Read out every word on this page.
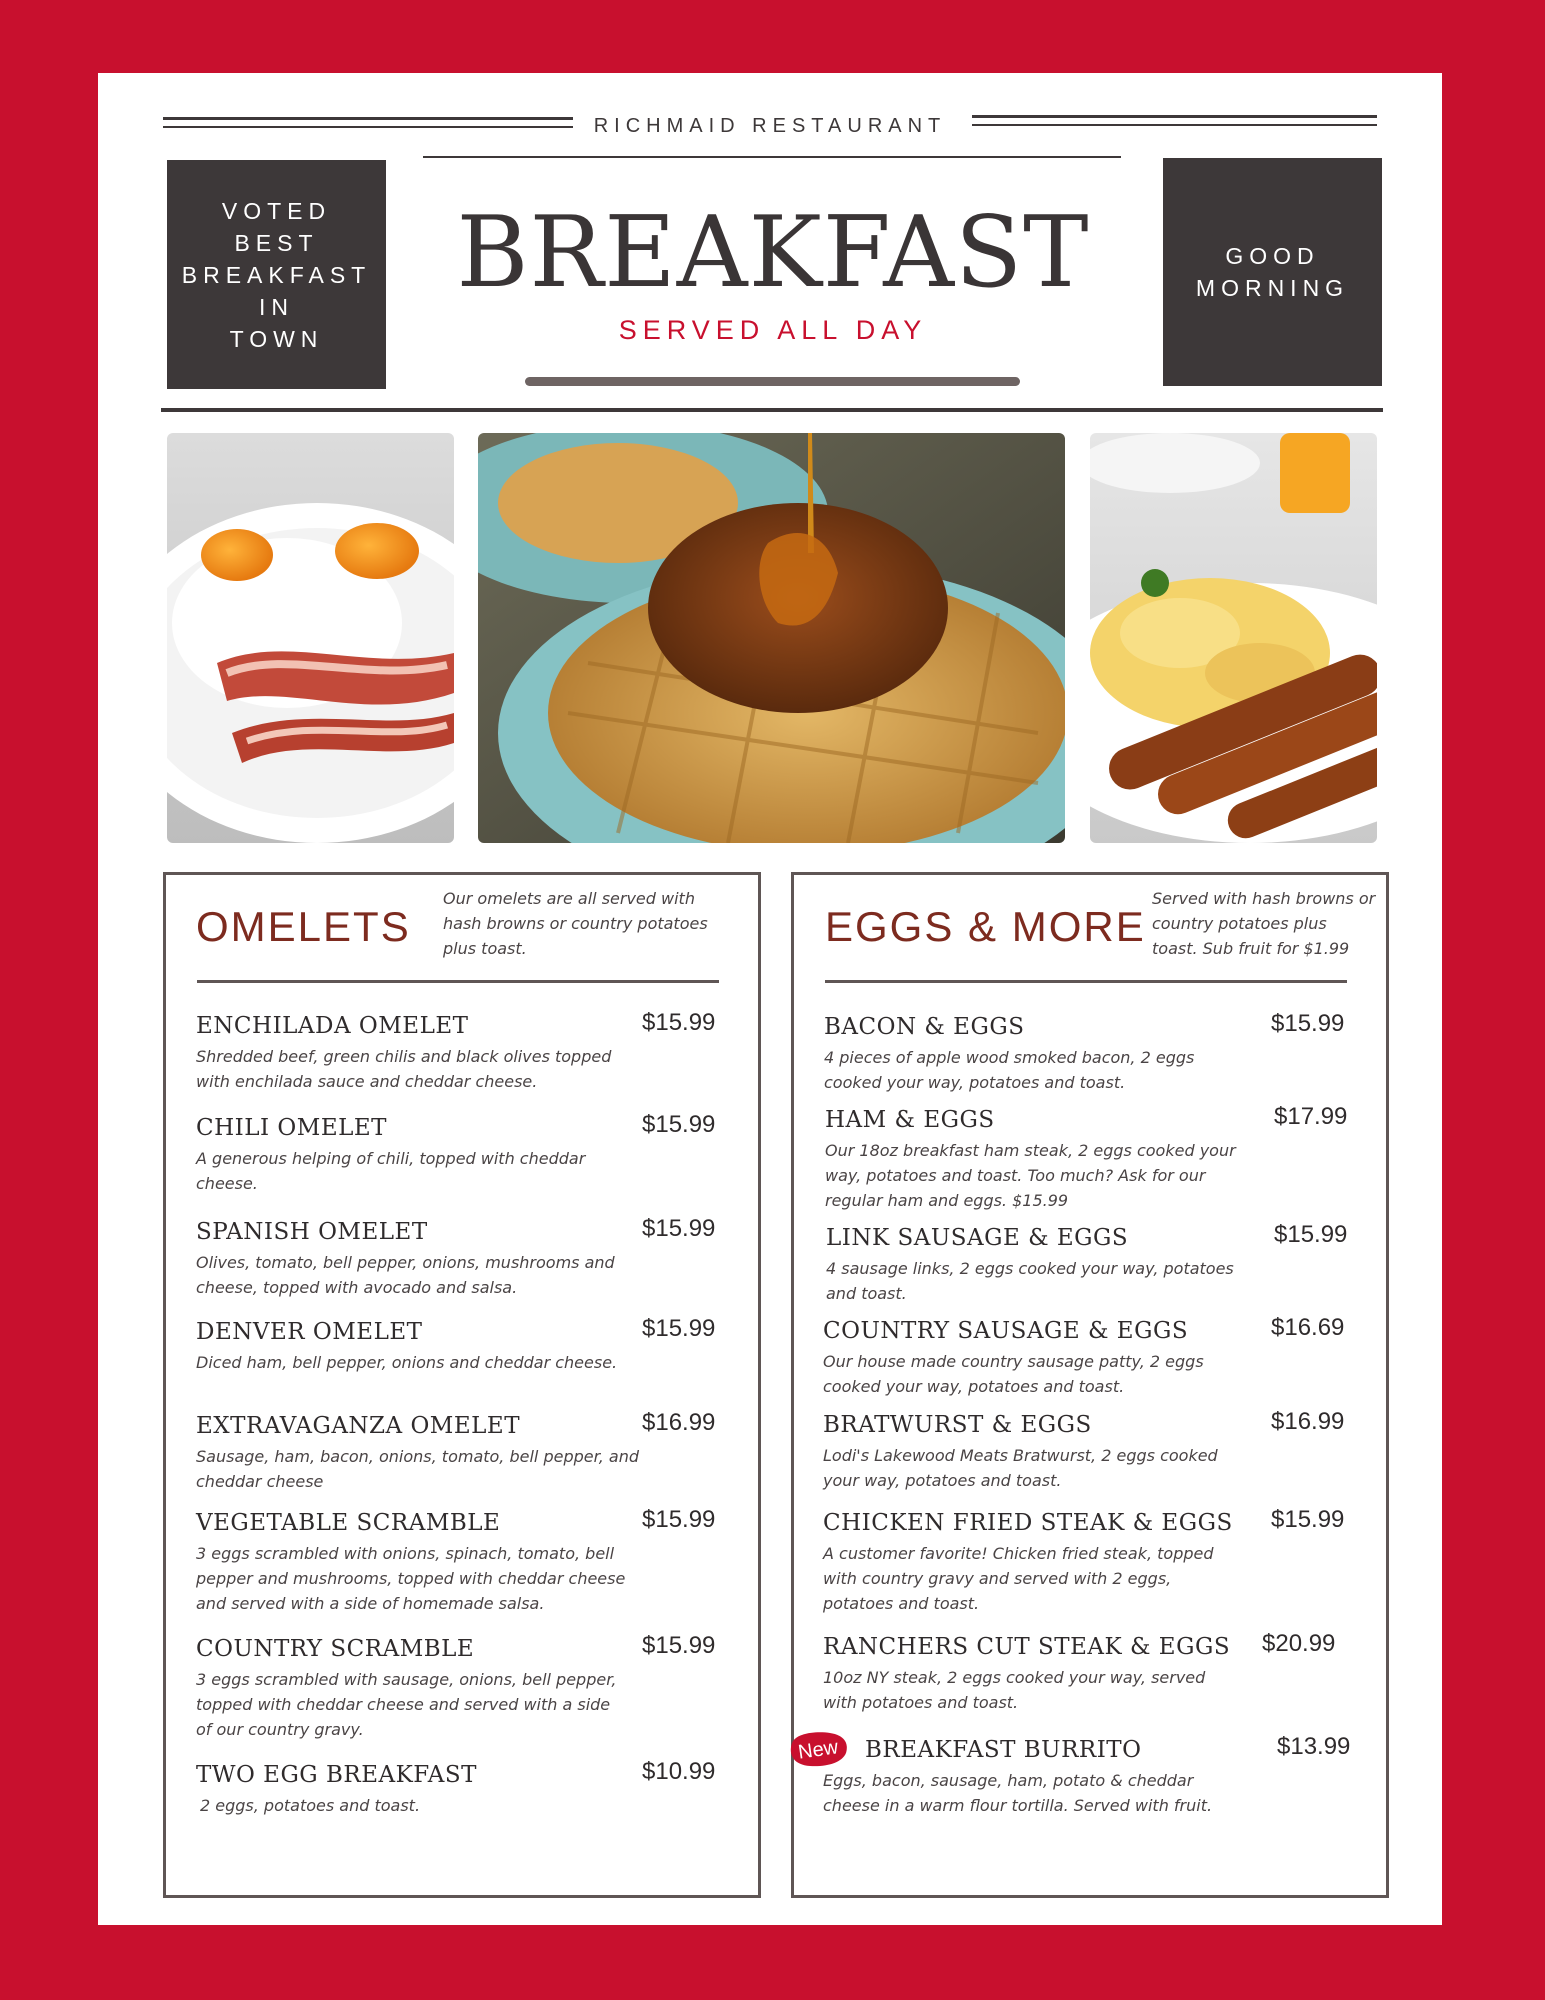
RICHMAID RESTAURANT
VOTED
BEST
BREAKFAST
IN
TOWN
GOOD
MORNING
BREAKFAST
SERVED ALL DAY
OMELETS
Our omelets are all served with hash browns or country potatoes plus toast.
ENCHILADA OMELET	$15.99
Shredded beef, green chilis and black olives topped with enchilada sauce and cheddar cheese.
CHILI OMELET	$15.99
A generous helping of chili, topped with cheddar cheese.
SPANISH OMELET	$15.99
Olives, tomato, bell pepper, onions, mushrooms and cheese, topped with avocado and salsa.
DENVER OMELET	$15.99
Diced ham, bell pepper, onions and cheddar cheese.
EXTRAVAGANZA OMELET	$16.99
Sausage, ham, bacon, onions, tomato, bell pepper, and cheddar cheese
VEGETABLE SCRAMBLE	$15.99
3 eggs scrambled with onions, spinach, tomato, bell pepper and mushrooms, topped with cheddar cheese and served with a side of homemade salsa.
COUNTRY SCRAMBLE	$15.99
3 eggs scrambled with sausage, onions, bell pepper, topped with cheddar cheese and served with a side of our country gravy.
TWO EGG BREAKFAST	$10.99
2 eggs, potatoes and toast.
EGGS & MORE
Served with hash browns or country potatoes plus toast. Sub fruit for $1.99
BACON & EGGS	$15.99
4 pieces of apple wood smoked bacon, 2 eggs cooked your way, potatoes and toast.
HAM & EGGS	$17.99
Our 18oz breakfast ham steak, 2 eggs cooked your way, potatoes and toast. Too much? Ask for our regular ham and eggs. $15.99
LINK SAUSAGE & EGGS	$15.99
4 sausage links, 2 eggs cooked your way, potatoes and toast.
COUNTRY SAUSAGE & EGGS	$16.69
Our house made country sausage patty, 2 eggs cooked your way, potatoes and toast.
BRATWURST & EGGS	$16.99
Lodi's Lakewood Meats Bratwurst, 2 eggs cooked your way, potatoes and toast.
CHICKEN FRIED STEAK & EGGS $15.99
A customer favorite! Chicken fried steak, topped with country gravy and served with 2 eggs, potatoes and toast.
RANCHERS CUT STEAK & EGGS $20.99
10oz NY steak, 2 eggs cooked your way, served with potatoes and toast.
BREAKFAST BURRITO	$13.99
Eggs, bacon, sausage, ham, potato & cheddar cheese in a warm flour tortilla. Served with fruit.
New
